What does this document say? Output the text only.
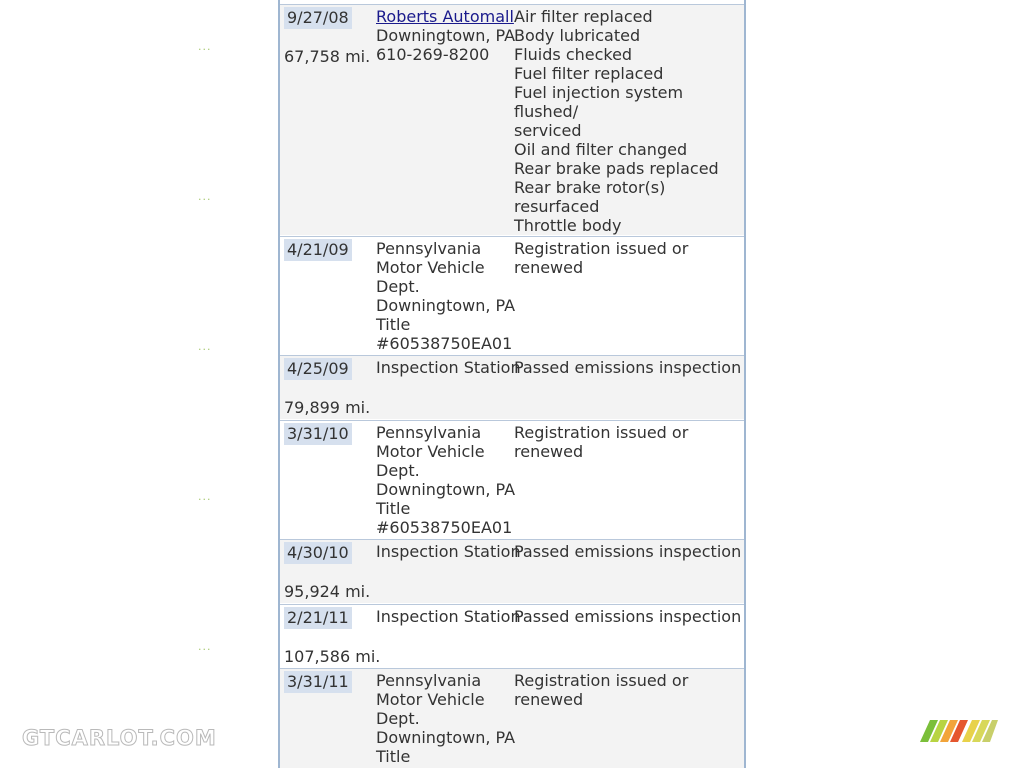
···
···
···
···
···
9/27/08
67,758 mi.
Roberts Automall
Downingtown, PA
610-269-8200
Air filter replaced
Body lubricated
Fluids checked
Fuel filter replaced
Fuel injection system flushed/
serviced
Oil and filter changed
Rear brake pads replaced
Rear brake rotor(s) resurfaced
Throttle body
4/21/09 Pennsylvania
Motor Vehicle
Dept.
Downingtown, PA
Title
#60538750EA01
Registration issued or renewed
4/25/09
79,899 mi.
Inspection Station
Passed emissions inspection
3/31/10 Pennsylvania
Motor Vehicle
Dept.
Downingtown, PA
Title
#60538750EA01
Registration issued or renewed
4/30/10
95,924 mi.
Inspection Station
Passed emissions inspection
2/21/11
107,586 mi.
Inspection Station
Passed emissions inspection
3/31/11 Pennsylvania
Motor Vehicle
Dept.
Downingtown, PA
Title
Registration issued or renewed
GTCARLOT.COM
